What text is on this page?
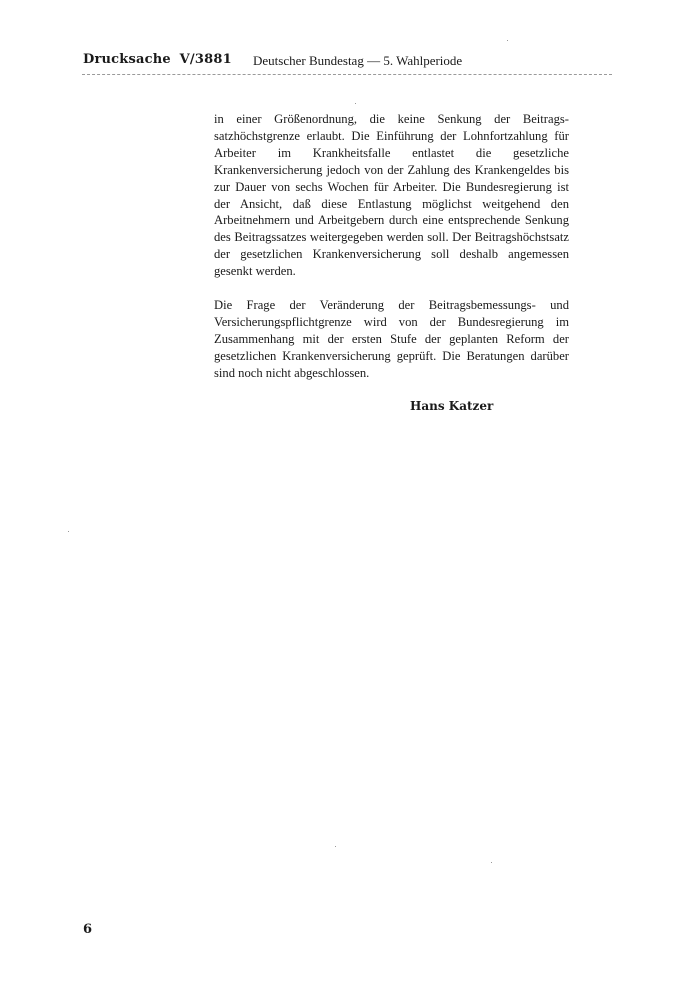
Drucksache V/3881 Deutscher Bundestag — 5. Wahlperiode

in einer Größenordnung, die keine Senkung der Beitragssatzhöchstgrenze erlaubt. Die Einführung der Lohnfortzahlung für Arbeiter im Krankheitsfalle entlastet die gesetzliche Krankenversicherung jedoch von der Zahlung des Krankengeldes bis zur Dauer von sechs Wochen für Arbeiter. Die Bundesregierung ist der Ansicht, daß diese Entlastung möglichst weitgehend den Arbeitnehmern und Arbeitgebern durch eine entsprechende Senkung des Beitragssatzes weitergegeben werden soll. Der Beitragshöchstsatz der gesetzlichen Krankenversicherung soll deshalb angemessen gesenkt werden.

Die Frage der Veränderung der Beitragsbemessungs- und Versicherungspflichtgrenze wird von der Bundesregierung im Zusammenhang mit der ersten Stufe der geplanten Reform der gesetzlichen Krankenversicherung geprüft. Die Beratungen darüber sind noch nicht abgeschlossen.

Hans Katzer
6
